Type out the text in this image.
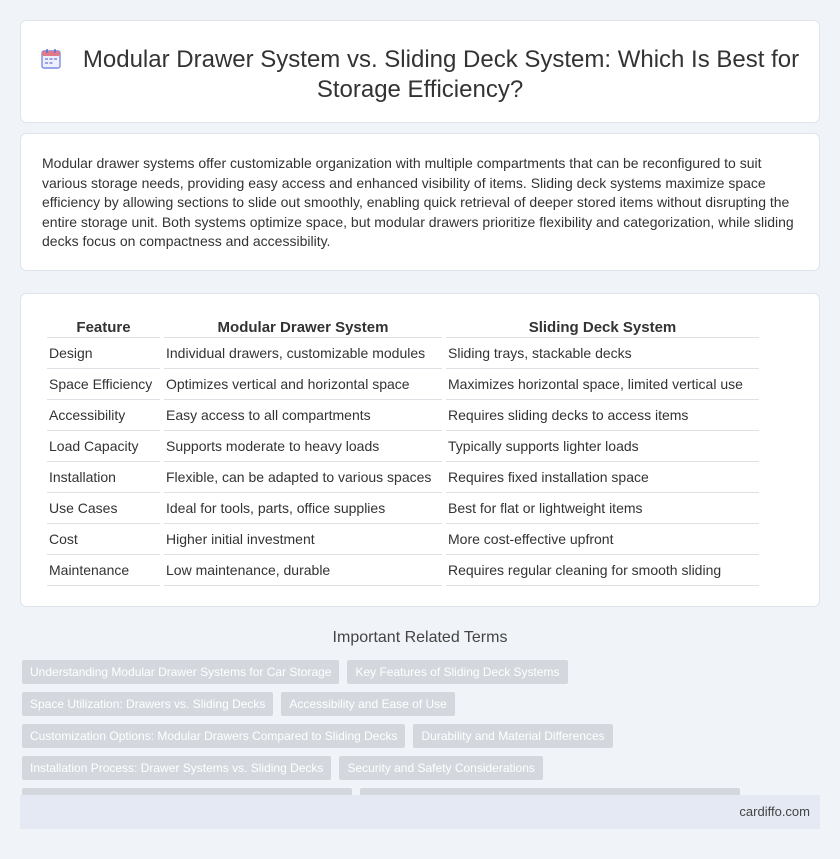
Modular Drawer System vs. Sliding Deck System: Which Is Best for Storage Efficiency?

Modular drawer systems offer customizable organization with multiple compartments that can be reconfigured to suit various storage needs, providing easy access and enhanced visibility of items. Sliding deck systems maximize space efficiency by allowing sections to slide out smoothly, enabling quick retrieval of deeper stored items without disrupting the entire storage unit. Both systems optimize space, but modular drawers prioritize flexibility and categorization, while sliding decks focus on compactness and accessibility.

Feature	Modular Drawer System	Sliding Deck System
Design	Individual drawers, customizable modules	Sliding trays, stackable decks
Space Efficiency	Optimizes vertical and horizontal space	Maximizes horizontal space, limited vertical use
Accessibility	Easy access to all compartments	Requires sliding decks to access items
Load Capacity	Supports moderate to heavy loads	Typically supports lighter loads
Installation	Flexible, can be adapted to various spaces	Requires fixed installation space
Use Cases	Ideal for tools, parts, office supplies	Best for flat or lightweight items
Cost	Higher initial investment	More cost-effective upfront
Maintenance	Low maintenance, durable	Requires regular cleaning for smooth sliding
Important Related Terms
Understanding Modular Drawer Systems for Car Storage	Key Features of Sliding Deck Systems
Space Utilization: Drawers vs. Sliding Decks	Accessibility and Ease of Use
Customization Options: Modular Drawers Compared to Sliding Decks	Durability and Material Differences
Installation Process: Drawer Systems vs. Sliding Decks	Security and Safety Considerations
cardiffo.com
